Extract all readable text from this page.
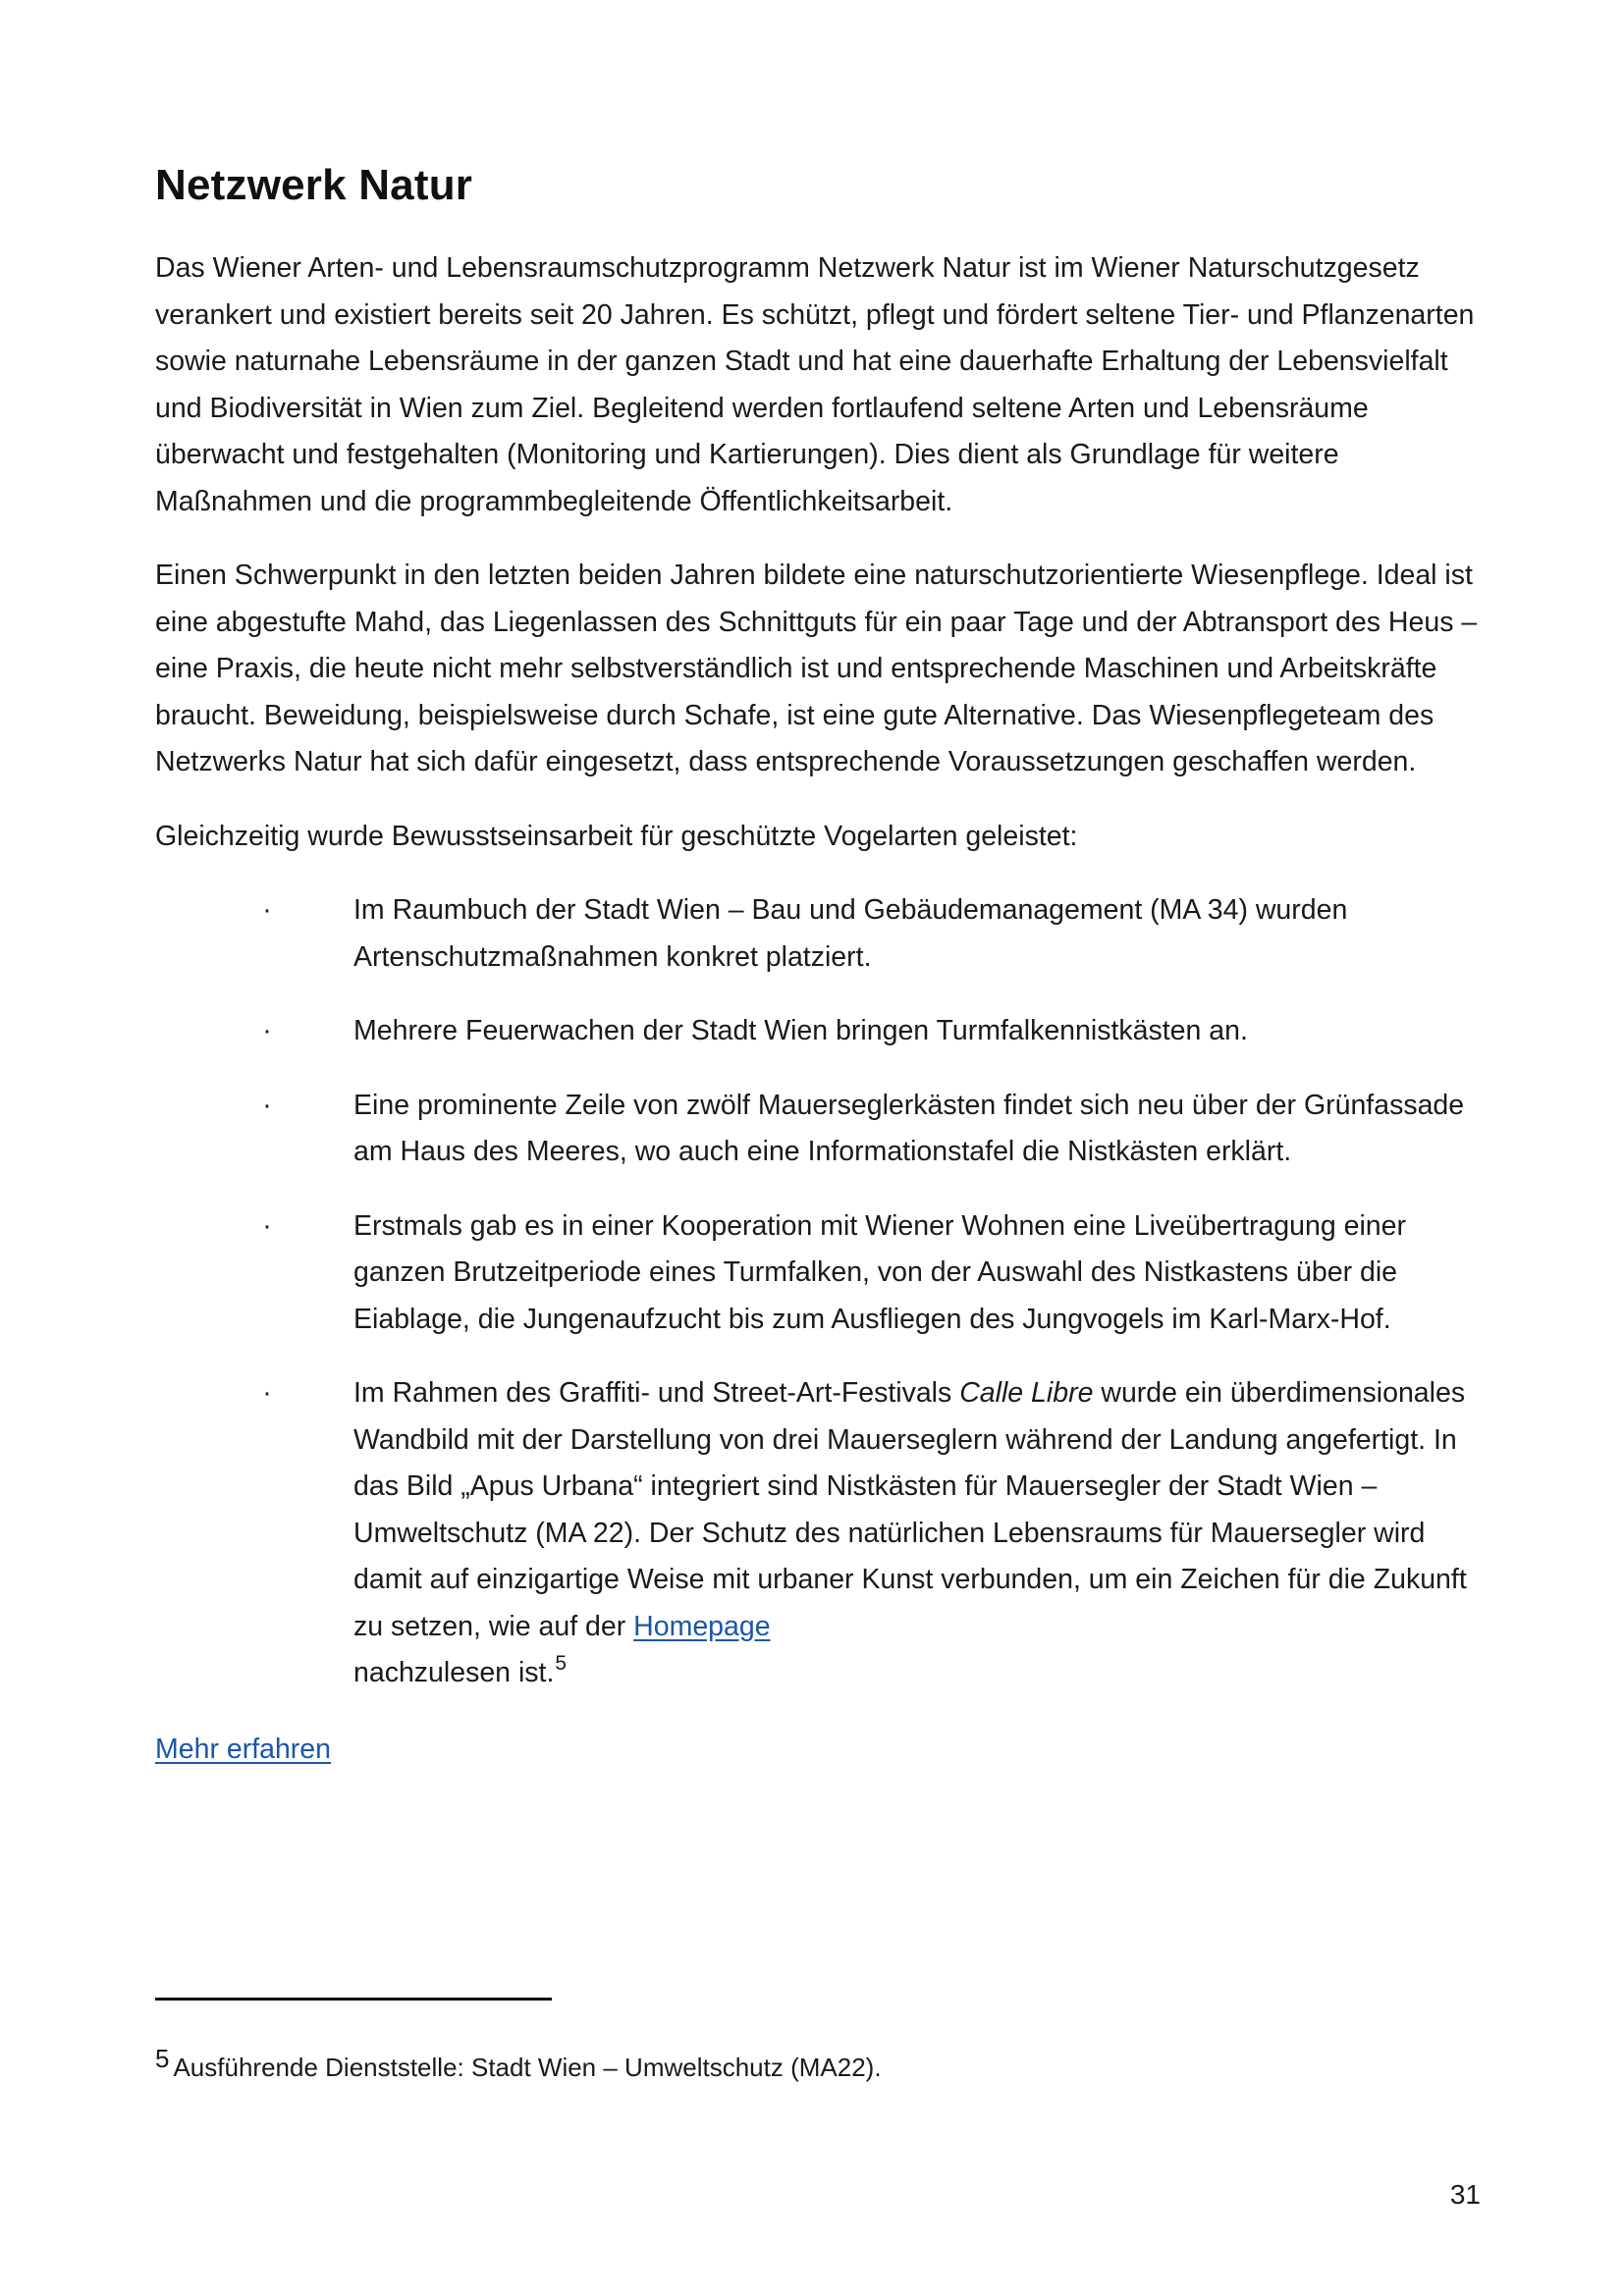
Netzwerk Natur

Das Wiener Arten- und Lebensraumschutzprogramm Netzwerk Natur ist im Wiener Naturschutzgesetz verankert und existiert bereits seit 20 Jahren. Es schützt, pflegt und fördert seltene Tier- und Pflanzenarten sowie naturnahe Lebensräume in der ganzen Stadt und hat eine dauerhafte Erhaltung der Lebensvielfalt und Biodiversität in Wien zum Ziel. Begleitend werden fortlaufend seltene Arten und Lebensräume überwacht und festgehalten (Monitoring und Kartierungen). Dies dient als Grundlage für weitere Maßnahmen und die programmbegleitende Öffentlichkeitsarbeit.

Einen Schwerpunkt in den letzten beiden Jahren bildete eine naturschutzorientierte Wiesenpflege. Ideal ist eine abgestufte Mahd, das Liegenlassen des Schnittguts für ein paar Tage und der Abtransport des Heus – eine Praxis, die heute nicht mehr selbstverständlich ist und entsprechende Maschinen und Arbeitskräfte braucht. Beweidung, beispielsweise durch Schafe, ist eine gute Alternative. Das Wiesenpflegeteam des Netzwerks Natur hat sich dafür eingesetzt, dass entsprechende Voraussetzungen geschaffen werden.

Gleichzeitig wurde Bewusstseinsarbeit für geschützte Vogelarten geleistet:

·	Im Raumbuch der Stadt Wien – Bau und Gebäudemanagement (MA 34) wurden Artenschutzmaßnahmen konkret platziert.
·	Mehrere Feuerwachen der Stadt Wien bringen Turmfalkennistkästen an.
·	Eine prominente Zeile von zwölf Mauerseglerkästen findet sich neu über der Grünfassade am Haus des Meeres, wo auch eine Informationstafel die Nistkästen erklärt.
·	Erstmals gab es in einer Kooperation mit Wiener Wohnen eine Liveübertragung einer ganzen Brutzeitperiode eines Turmfalken, von der Auswahl des Nistkastens über die Eiablage, die Jungenaufzucht bis zum Ausfliegen des Jungvogels im Karl-Marx-Hof.
·	Im Rahmen des Graffiti- und Street-Art-Festivals Calle Libre wurde ein überdimensionales Wandbild mit der Darstellung von drei Mauerseglern während der Landung angefertigt. In das Bild „Apus Urbana“ integriert sind Nistkästen für Mauersegler der Stadt Wien – Umweltschutz (MA 22). Der Schutz des natürlichen Lebensraums für Mauersegler wird damit auf einzigartige Weise mit urbaner Kunst verbunden, um ein Zeichen für die Zukunft zu setzen, wie auf der Homepage
nachzulesen ist.$^5$

Mehr erfahren

5 Ausführende Dienststelle: Stadt Wien – Umweltschutz (MA22).
31
